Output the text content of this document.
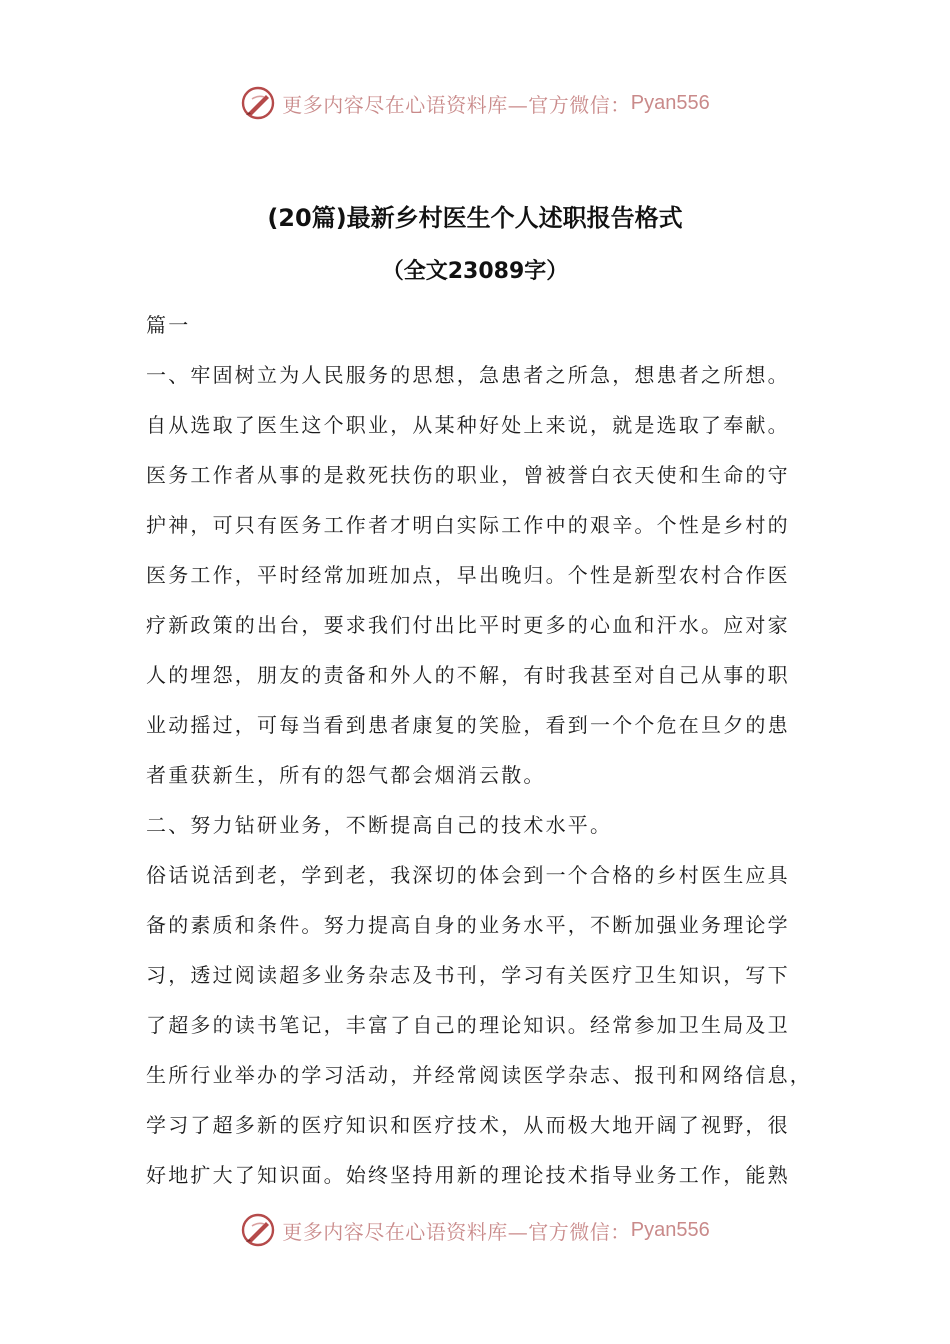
更多内容尽在心语资料库—官方微信： Pyan556
(20篇)最新乡村医生个人述职报告格式
（全文23089字）
篇一
一、牢固树立为人民服务的思想，急患者之所急，想患者之所想。
自从选取了医生这个职业，从某种好处上来说，就是选取了奉献。
医务工作者从事的是救死扶伤的职业，曾被誉白衣天使和生命的守
护神，可只有医务工作者才明白实际工作中的艰辛。个性是乡村的
医务工作，平时经常加班加点，早出晚归。个性是新型农村合作医
疗新政策的出台，要求我们付出比平时更多的心血和汗水。应对家
人的埋怨，朋友的责备和外人的不解，有时我甚至对自己从事的职
业动摇过，可每当看到患者康复的笑脸，看到一个个危在旦夕的患
者重获新生，所有的怨气都会烟消云散。
二、努力钻研业务，不断提高自己的技术水平。
俗话说活到老，学到老，我深切的体会到一个合格的乡村医生应具
备的素质和条件。努力提高自身的业务水平，不断加强业务理论学
习，透过阅读超多业务杂志及书刊，学习有关医疗卫生知识，写下
了超多的读书笔记，丰富了自己的理论知识。经常参加卫生局及卫
生所行业举办的学习活动，并经常阅读医学杂志、报刊和网络信息，
学习了超多新的医疗知识和医疗技术，从而极大地开阔了视野，很
好地扩大了知识面。始终坚持用新的理论技术指导业务工作，能熟
更多内容尽在心语资料库—官方微信： Pyan556
